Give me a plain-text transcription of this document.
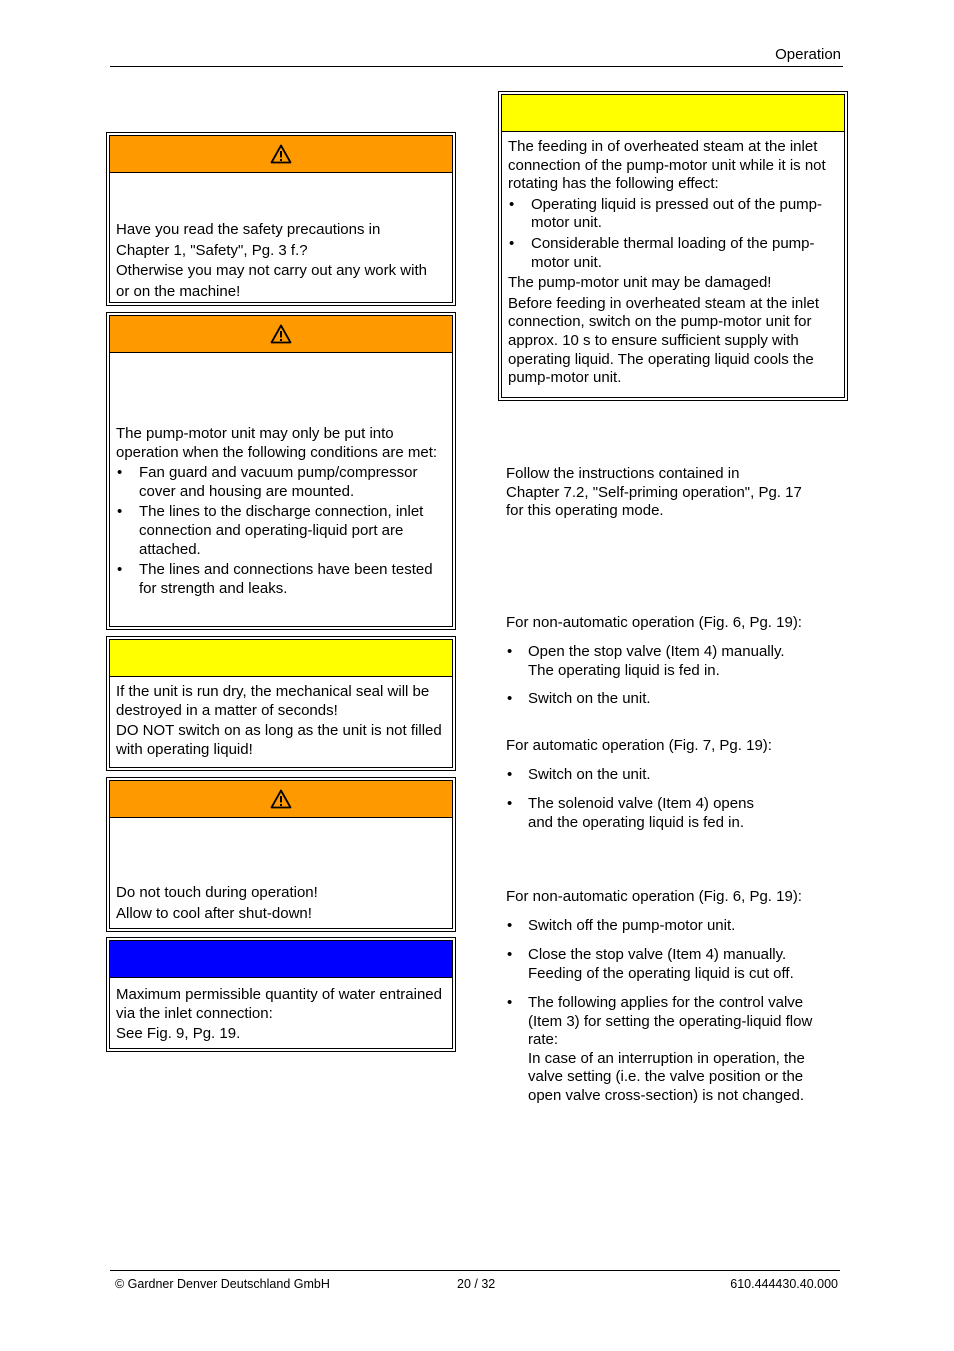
Operation

Have you read the safety precautions in

Chapter 1, "Safety", Pg. 3 f.?

Otherwise you may not carry out any work with

or on the machine!

The pump-motor unit may only be put into operation when the following conditions are met:

• Fan guard and vacuum pump/compressor cover and housing are mounted.
• The lines to the discharge connection, inlet connection and operating-liquid port are attached.
• The lines and connections have been tested for strength and leaks.

If the unit is run dry, the mechanical seal will be destroyed in a matter of seconds!

DO NOT switch on as long as the unit is not filled with operating liquid!

Do not touch during operation!

Allow to cool after shut-down!

Maximum permissible quantity of water entrained via the inlet connection:

See Fig. 9, Pg. 19.

The feeding in of overheated steam at the inlet connection of the pump-motor unit while it is not rotating has the following effect:

• Operating liquid is pressed out of the pump-motor unit.
• Considerable thermal loading of the pump-motor unit.

The pump-motor unit may be damaged!

Before feeding in overheated steam at the inlet connection, switch on the pump-motor unit for approx. 10 s to ensure sufficient supply with operating liquid. The operating liquid cools the pump-motor unit.

Follow the instructions contained in

Chapter 7.2, "Self-priming operation", Pg. 17

for this operating mode.

For non-automatic operation (Fig. 6, Pg. 19):
• Open the stop valve (Item 4) manually.
The operating liquid is fed in.
• Switch on the unit.
For automatic operation (Fig. 7, Pg. 19):
• Switch on the unit.
• The solenoid valve (Item 4) opens
and the operating liquid is fed in.
For non-automatic operation (Fig. 6, Pg. 19):
• Switch off the pump-motor unit.
• Close the stop valve (Item 4) manually.
Feeding of the operating liquid is cut off.
• The following applies for the control valve
(Item 3) for setting the operating-liquid flow
rate:
In case of an interruption in operation, the
valve setting (i.e. the valve position or the
open valve cross-section) is not changed.
© Gardner Denver Deutschland GmbH	20 / 32	610.444430.40.000
